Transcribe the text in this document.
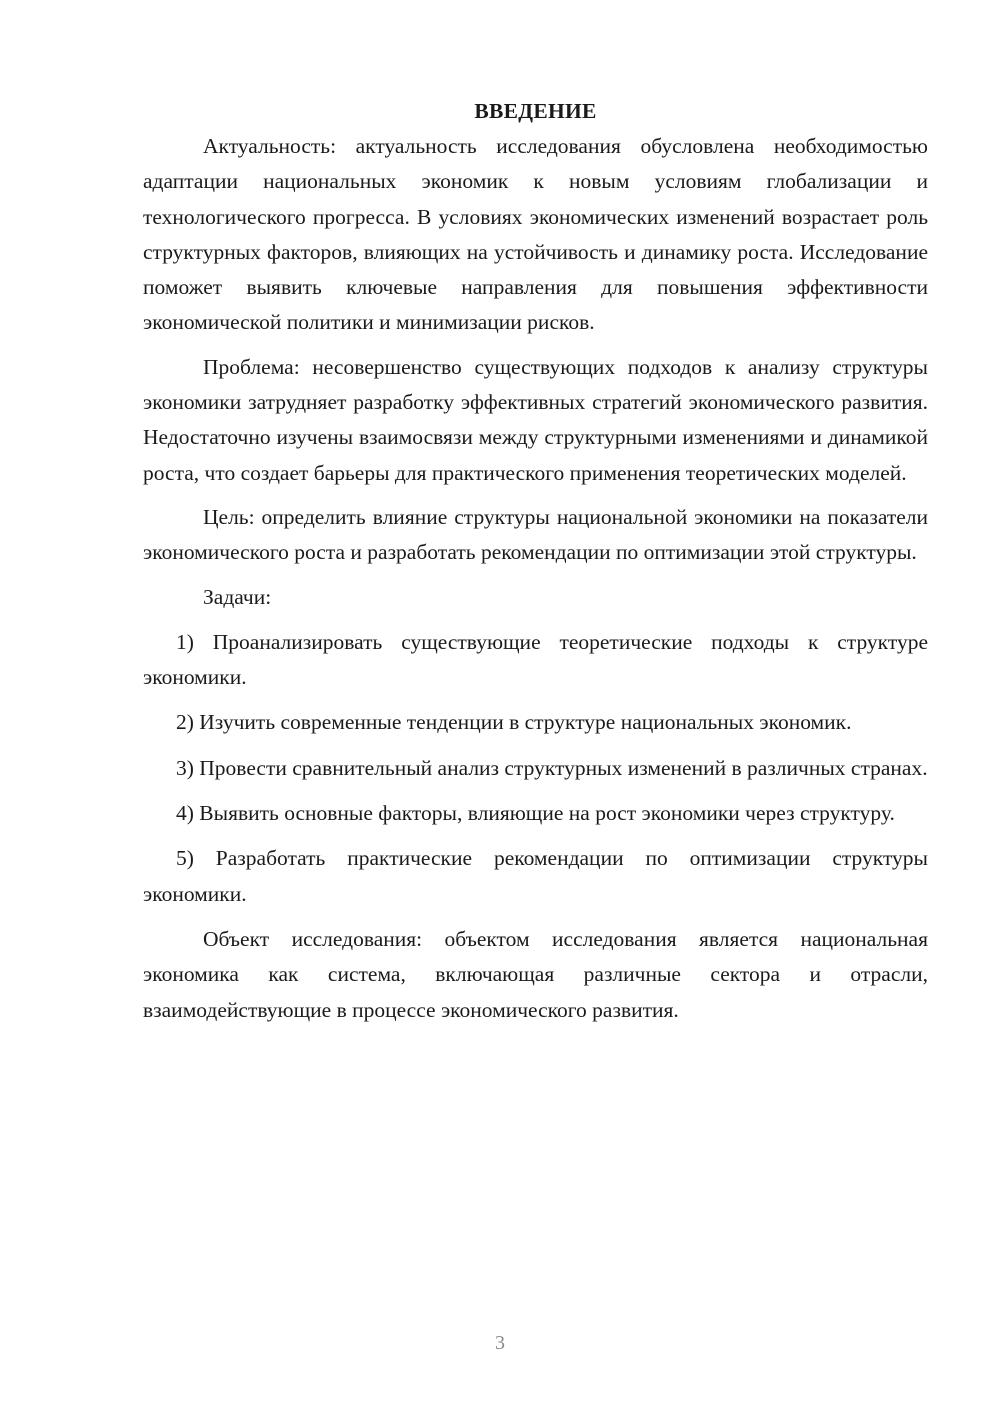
ВВЕДЕНИЕ

Актуальность: актуальность исследования обусловлена необходимостью адаптации национальных экономик к новым условиям глобализации и технологического прогресса. В условиях экономических изменений возрастает роль структурных факторов, влияющих на устойчивость и динамику роста. Исследование поможет выявить ключевые направления для повышения эффективности экономической политики и минимизации рисков.

Проблема: несовершенство существующих подходов к анализу структуры экономики затрудняет разработку эффективных стратегий экономического развития. Недостаточно изучены взаимосвязи между структурными изменениями и динамикой роста, что создает барьеры для практического применения теоретических моделей.

Цель: определить влияние структуры национальной экономики на показатели экономического роста и разработать рекомендации по оптимизации этой структуры.

Задачи:

1) Проанализировать существующие теоретические подходы к структуре экономики.

2) Изучить современные тенденции в структуре национальных экономик.

3) Провести сравнительный анализ структурных изменений в различных странах.

4) Выявить основные факторы, влияющие на рост экономики через структуру.

5) Разработать практические рекомендации по оптимизации структуры экономики.

Объект исследования: объектом исследования является национальная экономика как система, включающая различные сектора и отрасли, взаимодействующие в процессе экономического развития.

3
